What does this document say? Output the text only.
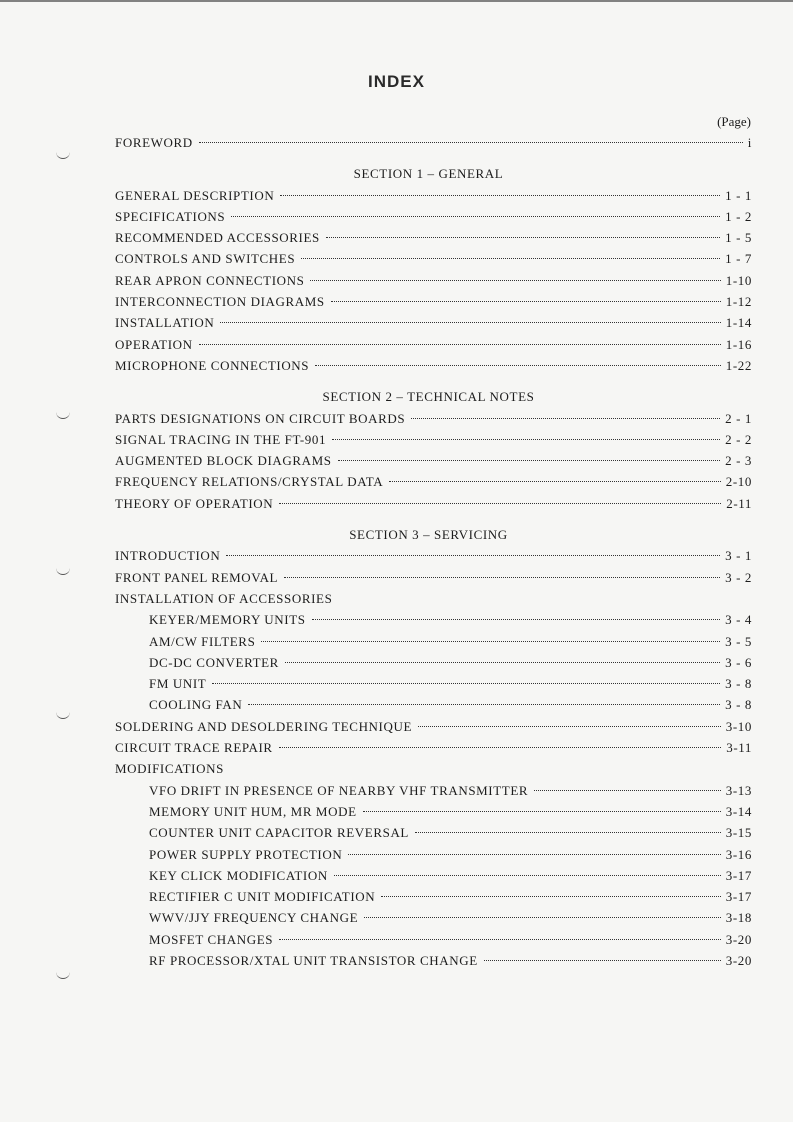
INDEX
(Page)
FOREWORD	i
SECTION 1 – GENERAL
GENERAL DESCRIPTION	1 - 1
SPECIFICATIONS	1 - 2
RECOMMENDED ACCESSORIES	1 - 5
CONTROLS AND SWITCHES	1 - 7
REAR APRON CONNECTIONS	1-10
INTERCONNECTION DIAGRAMS	1-12
INSTALLATION	1-14
OPERATION	1-16
MICROPHONE CONNECTIONS	1-22
SECTION 2 – TECHNICAL NOTES
PARTS DESIGNATIONS ON CIRCUIT BOARDS	2 - 1
SIGNAL TRACING IN THE FT-901	2 - 2
AUGMENTED BLOCK DIAGRAMS	2 - 3
FREQUENCY RELATIONS/CRYSTAL DATA	2-10
THEORY OF OPERATION	2-11
SECTION 3 – SERVICING
INTRODUCTION	3 - 1
FRONT PANEL REMOVAL	3 - 2
INSTALLATION OF ACCESSORIES
KEYER/MEMORY UNITS	3 - 4
AM/CW FILTERS	3 - 5
DC-DC CONVERTER	3 - 6
FM UNIT	3 - 8
COOLING FAN	3 - 8
SOLDERING AND DESOLDERING TECHNIQUE	3-10
CIRCUIT TRACE REPAIR	3-11
MODIFICATIONS
VFO DRIFT IN PRESENCE OF NEARBY VHF TRANSMITTER	3-13
MEMORY UNIT HUM, MR MODE	3-14
COUNTER UNIT CAPACITOR REVERSAL	3-15
POWER SUPPLY PROTECTION	3-16
KEY CLICK MODIFICATION	3-17
RECTIFIER C UNIT MODIFICATION	3-17
WWV/JJY FREQUENCY CHANGE	3-18
MOSFET CHANGES	3-20
RF PROCESSOR/XTAL UNIT TRANSISTOR CHANGE	3-20
